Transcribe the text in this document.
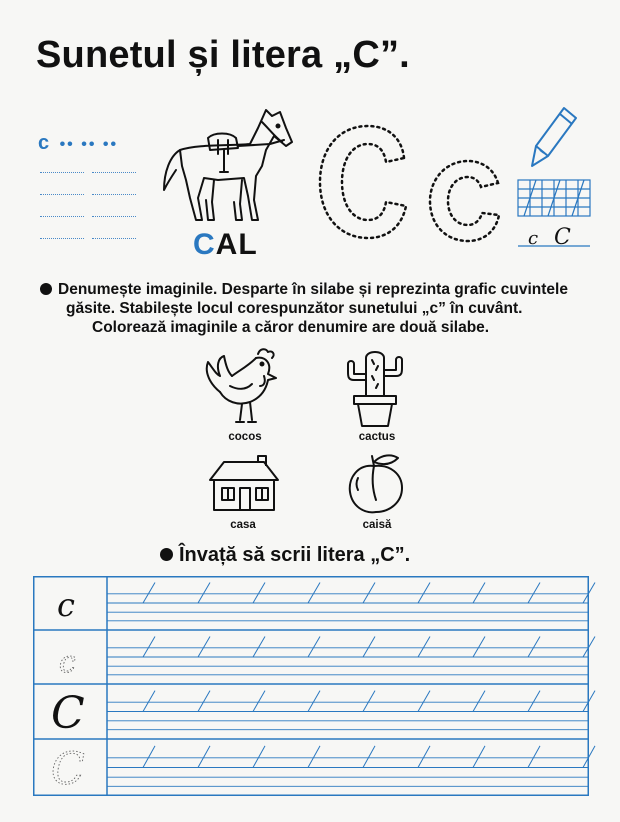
Sunetul și litera „C”.
c •• •• ••
CAL	c C
Denumește imaginile. Desparte în silabe și reprezinta grafic cuvintele
găsite. Stabilește locul corespunzător sunetului „c” în cuvânt.
Colorează imaginile a căror denumire are două silabe.
cocos	cactus
casa	caisă
Învață să scrii litera „C”.
c
c
C
C
